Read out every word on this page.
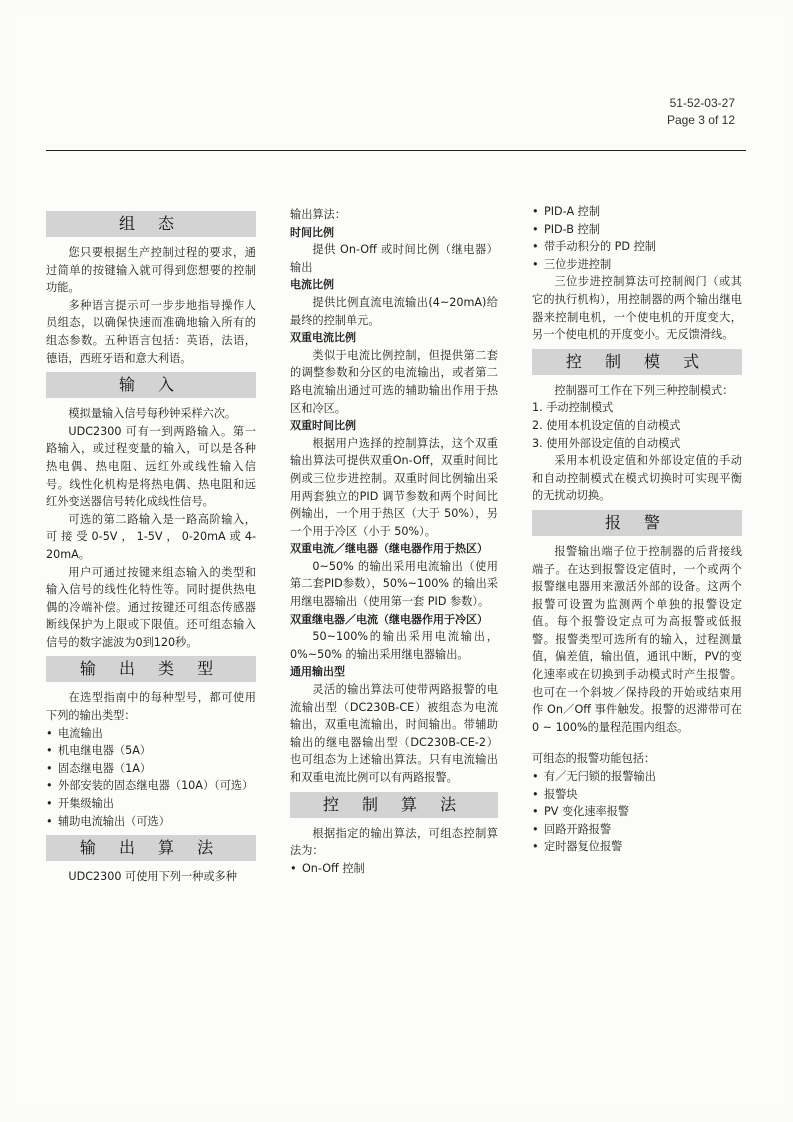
51-52-03-27
Page 3 of 12
组 态

您只要根据生产控制过程的要求，通过简单的按键输入就可得到您想要的控制功能。

多种语言提示可一步步地指导操作人员组态，以确保快速而准确地输入所有的组态参数。五种语言包括：英语，法语，德语，西班牙语和意大利语。

输 入

模拟量输入信号每秒钟采样六次。

UDC2300 可有一到两路输入。第一路输入，或过程变量的输入，可以是各种热电偶、热电阻、远红外或线性输入信号。线性化机构是将热电偶、热电阻和远红外变送器信号转化成线性信号。

可选的第二路输入是一路高阶输入，可接受0-5V，1-5V，0-20mA或4-20mA。

用户可通过按键来组态输入的类型和输入信号的线性化特性等。同时提供热电偶的冷端补偿。通过按键还可组态传感器断线保护为上限或下限值。还可组态输入信号的数字滤波为0到120秒。

输 出 类 型

在选型指南中的每种型号，都可使用下列的输出类型：

• 电流输出
• 机电继电器（5A）
• 固态继电器（1A）
• 外部安装的固态继电器（10A）（可选）
• 开集级输出
• 辅助电流输出（可选）
输 出 算 法

UDC2300 可使用下列一种或多种

输出算法：

时间比例

提供 On-Off 或时间比例（继电器）输出

电流比例

提供比例直流电流输出(4~20mA)给最终的控制单元。

双重电流比例

类似于电流比例控制，但提供第二套的调整参数和分区的电流输出，或者第二路电流输出通过可选的辅助输出作用于热区和冷区。

双重时间比例

根据用户选择的控制算法，这个双重输出算法可提供双重On-Off，双重时间比例或三位步进控制。双重时间比例输出采用两套独立的PID 调节参数和两个时间比例输出，一个用于热区（大于 50%），另一个用于冷区（小于 50%）。

双重电流／继电器（继电器作用于热区）

0~50% 的输出采用电流输出（使用第二套PID参数），50%~100% 的输出采用继电器输出（使用第一套 PID 参数）。

双重继电器／电流（继电器作用于冷区）

50~100%的输出采用电流输出，0%~50% 的输出采用继电器输出。

通用输出型

灵活的输出算法可使带两路报警的电流输出型（DC230B-CE）被组态为电流输出，双重电流输出，时间输出。带辅助输出的继电器输出型（DC230B-CE-2）也可组态为上述输出算法。只有电流输出和双重电流比例可以有两路报警。

控 制 算 法

根据指定的输出算法，可组态控制算法为：

• On-Off 控制
• PID-A 控制
• PID-B 控制
• 带手动积分的 PD 控制
• 三位步进控制

三位步进控制算法可控制阀门（或其它的执行机构），用控制器的两个输出继电器来控制电机，一个使电机的开度变大，另一个使电机的开度变小。无反馈滑线。

控 制 模 式

控制器可工作在下列三种控制模式：

1. 手动控制模式
2. 使用本机设定值的自动模式
3. 使用外部设定值的自动模式

采用本机设定值和外部设定值的手动和自动控制模式在模式切换时可实现平衡的无扰动切换。

报 警

报警输出端子位于控制器的后背接线端子。在达到报警设定值时，一个或两个报警继电器用来激活外部的设备。这两个报警可设置为监测两个单独的报警设定值。每个报警设定点可为高报警或低报警。报警类型可选所有的输入，过程测量值，偏差值，输出值，通讯中断，PV的变化速率或在切换到手动模式时产生报警。也可在一个斜坡／保持段的开始或结束用作 On／Off 事件触发。报警的迟滞带可在 0 ~ 100%的量程范围内组态。

可组态的报警功能包括：

• 有／无闩锁的报警输出
• 报警块
• PV 变化速率报警
• 回路开路报警
• 定时器复位报警
